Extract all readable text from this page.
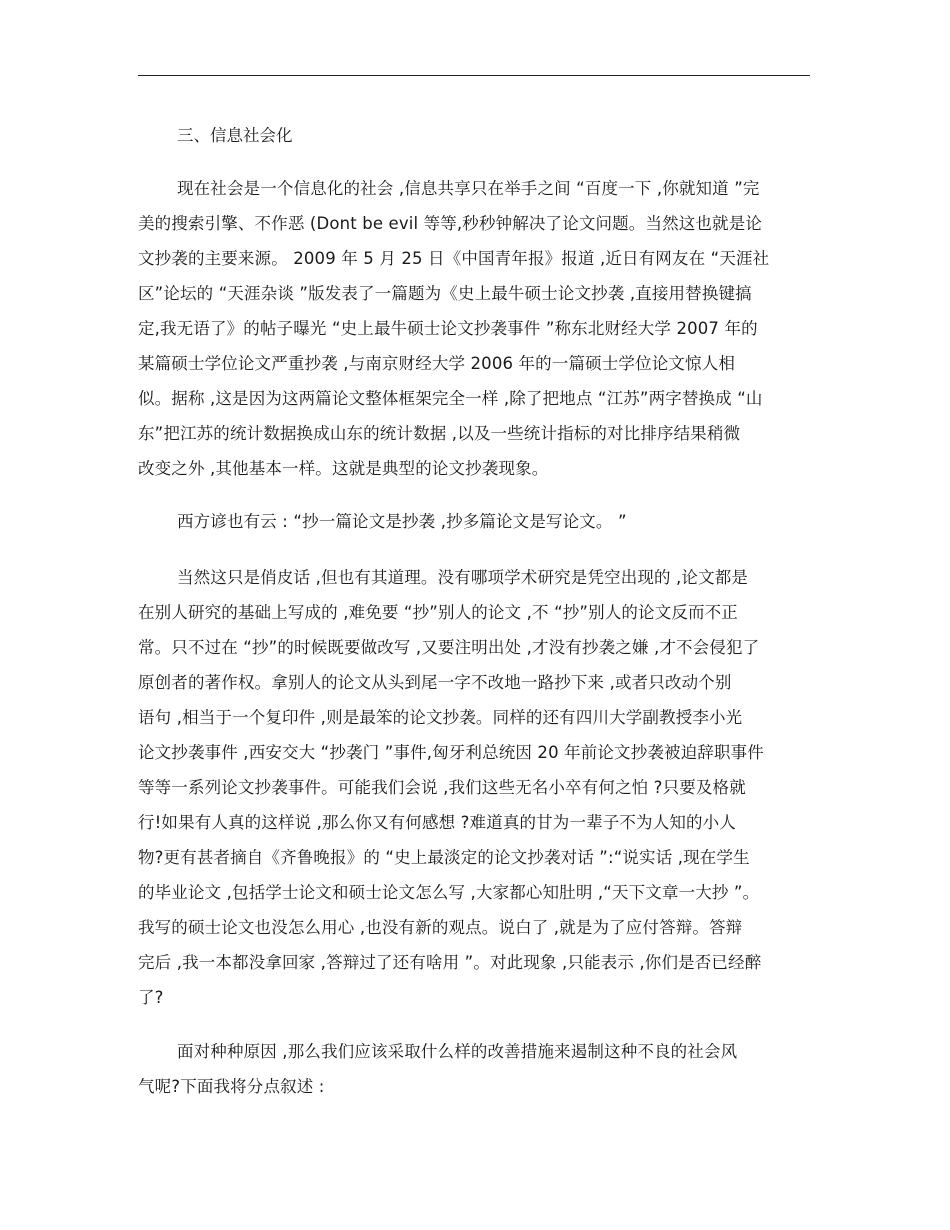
三、信息社会化
现在社会是一个信息化的社会 ,信息共享只在举手之间 “百度一下 ,你就知道 ”完
美的搜索引擎、不作恶 (Dont be evil 等等,秒秒钟解决了论文问题。当然这也就是论
文抄袭的主要来源。 2009 年 5 月 25 日《中国青年报》报道 ,近日有网友在 “天涯社
区”论坛的 “天涯杂谈 ”版发表了一篇题为《史上最牛硕士论文抄袭 ,直接用替换键搞
定,我无语了》的帖子曝光 “史上最牛硕士论文抄袭事件 ”称东北财经大学 2007 年的
某篇硕士学位论文严重抄袭 ,与南京财经大学 2006 年的一篇硕士学位论文惊人相
似。据称 ,这是因为这两篇论文整体框架完全一样 ,除了把地点 “江苏”两字替换成 “山
东”把江苏的统计数据换成山东的统计数据 ,以及一些统计指标的对比排序结果稍微
改变之外 ,其他基本一样。这就是典型的论文抄袭现象。
西方谚也有云 : “抄一篇论文是抄袭 ,抄多篇论文是写论文。 ”
当然这只是俏皮话 ,但也有其道理。没有哪项学术研究是凭空出现的 ,论文都是
在别人研究的基础上写成的 ,难免要 “抄”别人的论文 ,不 “抄”别人的论文反而不正
常。只不过在 “抄”的时候既要做改写 ,又要注明出处 ,才没有抄袭之嫌 ,才不会侵犯了
原创者的著作权。拿别人的论文从头到尾一字不改地一路抄下来 ,或者只改动个别
语句 ,相当于一个复印件 ,则是最笨的论文抄袭。同样的还有四川大学副教授李小光
论文抄袭事件 ,西安交大 “抄袭门 ”事件,匈牙利总统因 20 年前论文抄袭被迫辞职事件
等等一系列论文抄袭事件。可能我们会说 ,我们这些无名小卒有何之怕 ?只要及格就
行!如果有人真的这样说 ,那么你又有何感想 ?难道真的甘为一辈子不为人知的小人
物?更有甚者摘自《齐鲁晚报》的 “史上最淡定的论文抄袭对话 ”:“说实话 ,现在学生
的毕业论文 ,包括学士论文和硕士论文怎么写 ,大家都心知肚明 ,“天下文章一大抄 ”。
我写的硕士论文也没怎么用心 ,也没有新的观点。说白了 ,就是为了应付答辩。答辩
完后 ,我一本都没拿回家 ,答辩过了还有啥用 ”。对此现象 ,只能表示 ,你们是否已经醉
了?
面对种种原因 ,那么我们应该采取什么样的改善措施来遏制这种不良的社会风
气呢?下面我将分点叙述 :
